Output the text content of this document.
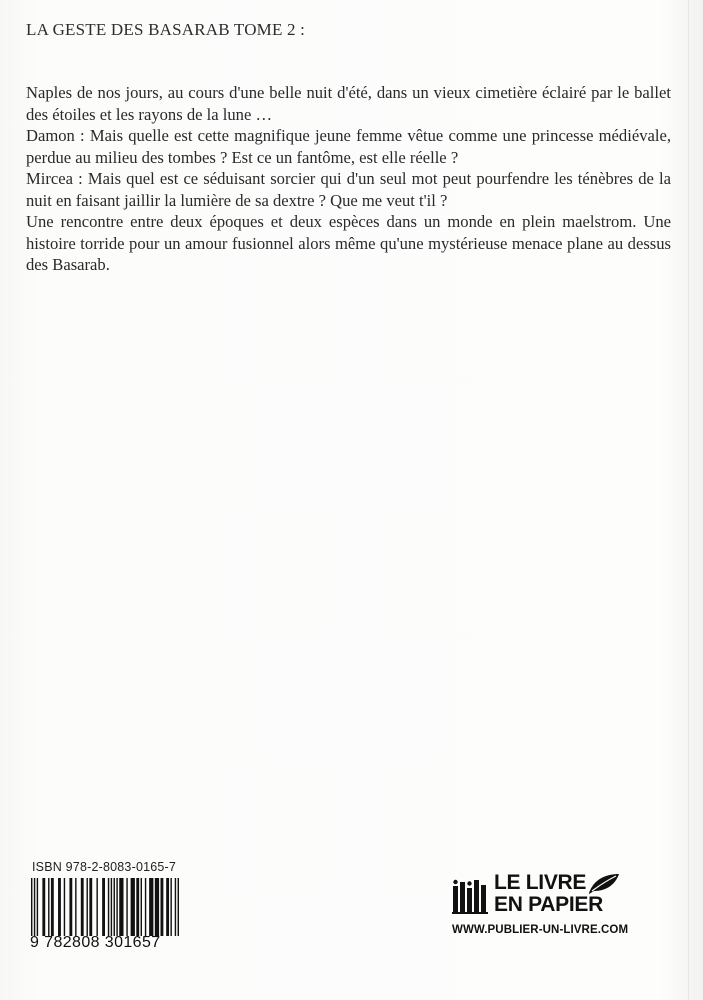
LA GESTE DES BASARAB TOME 2 :

Naples de nos jours, au cours d'une belle nuit d'été, dans un vieux cimetière éclairé par le ballet des étoiles et les rayons de la lune …

Damon : Mais quelle est cette magnifique jeune femme vêtue comme une princesse médiévale, perdue au milieu des tombes ? Est ce un fantôme, est elle réelle ?

Mircea : Mais quel est ce séduisant sorcier qui d'un seul mot peut pourfendre les ténèbres de la nuit en faisant jaillir la lumière de sa dextre ? Que me veut t'il ?

Une rencontre entre deux époques et deux espèces dans un monde en plein maelstrom. Une histoire torride pour un amour fusionnel alors même qu'une mystérieuse menace plane au dessus des Basarab.

ISBN 978-2-8083-0165-7
9 782808 301657
LE LIVRE
EN PAPIER
WWW.PUBLIER-UN-LIVRE.COM
